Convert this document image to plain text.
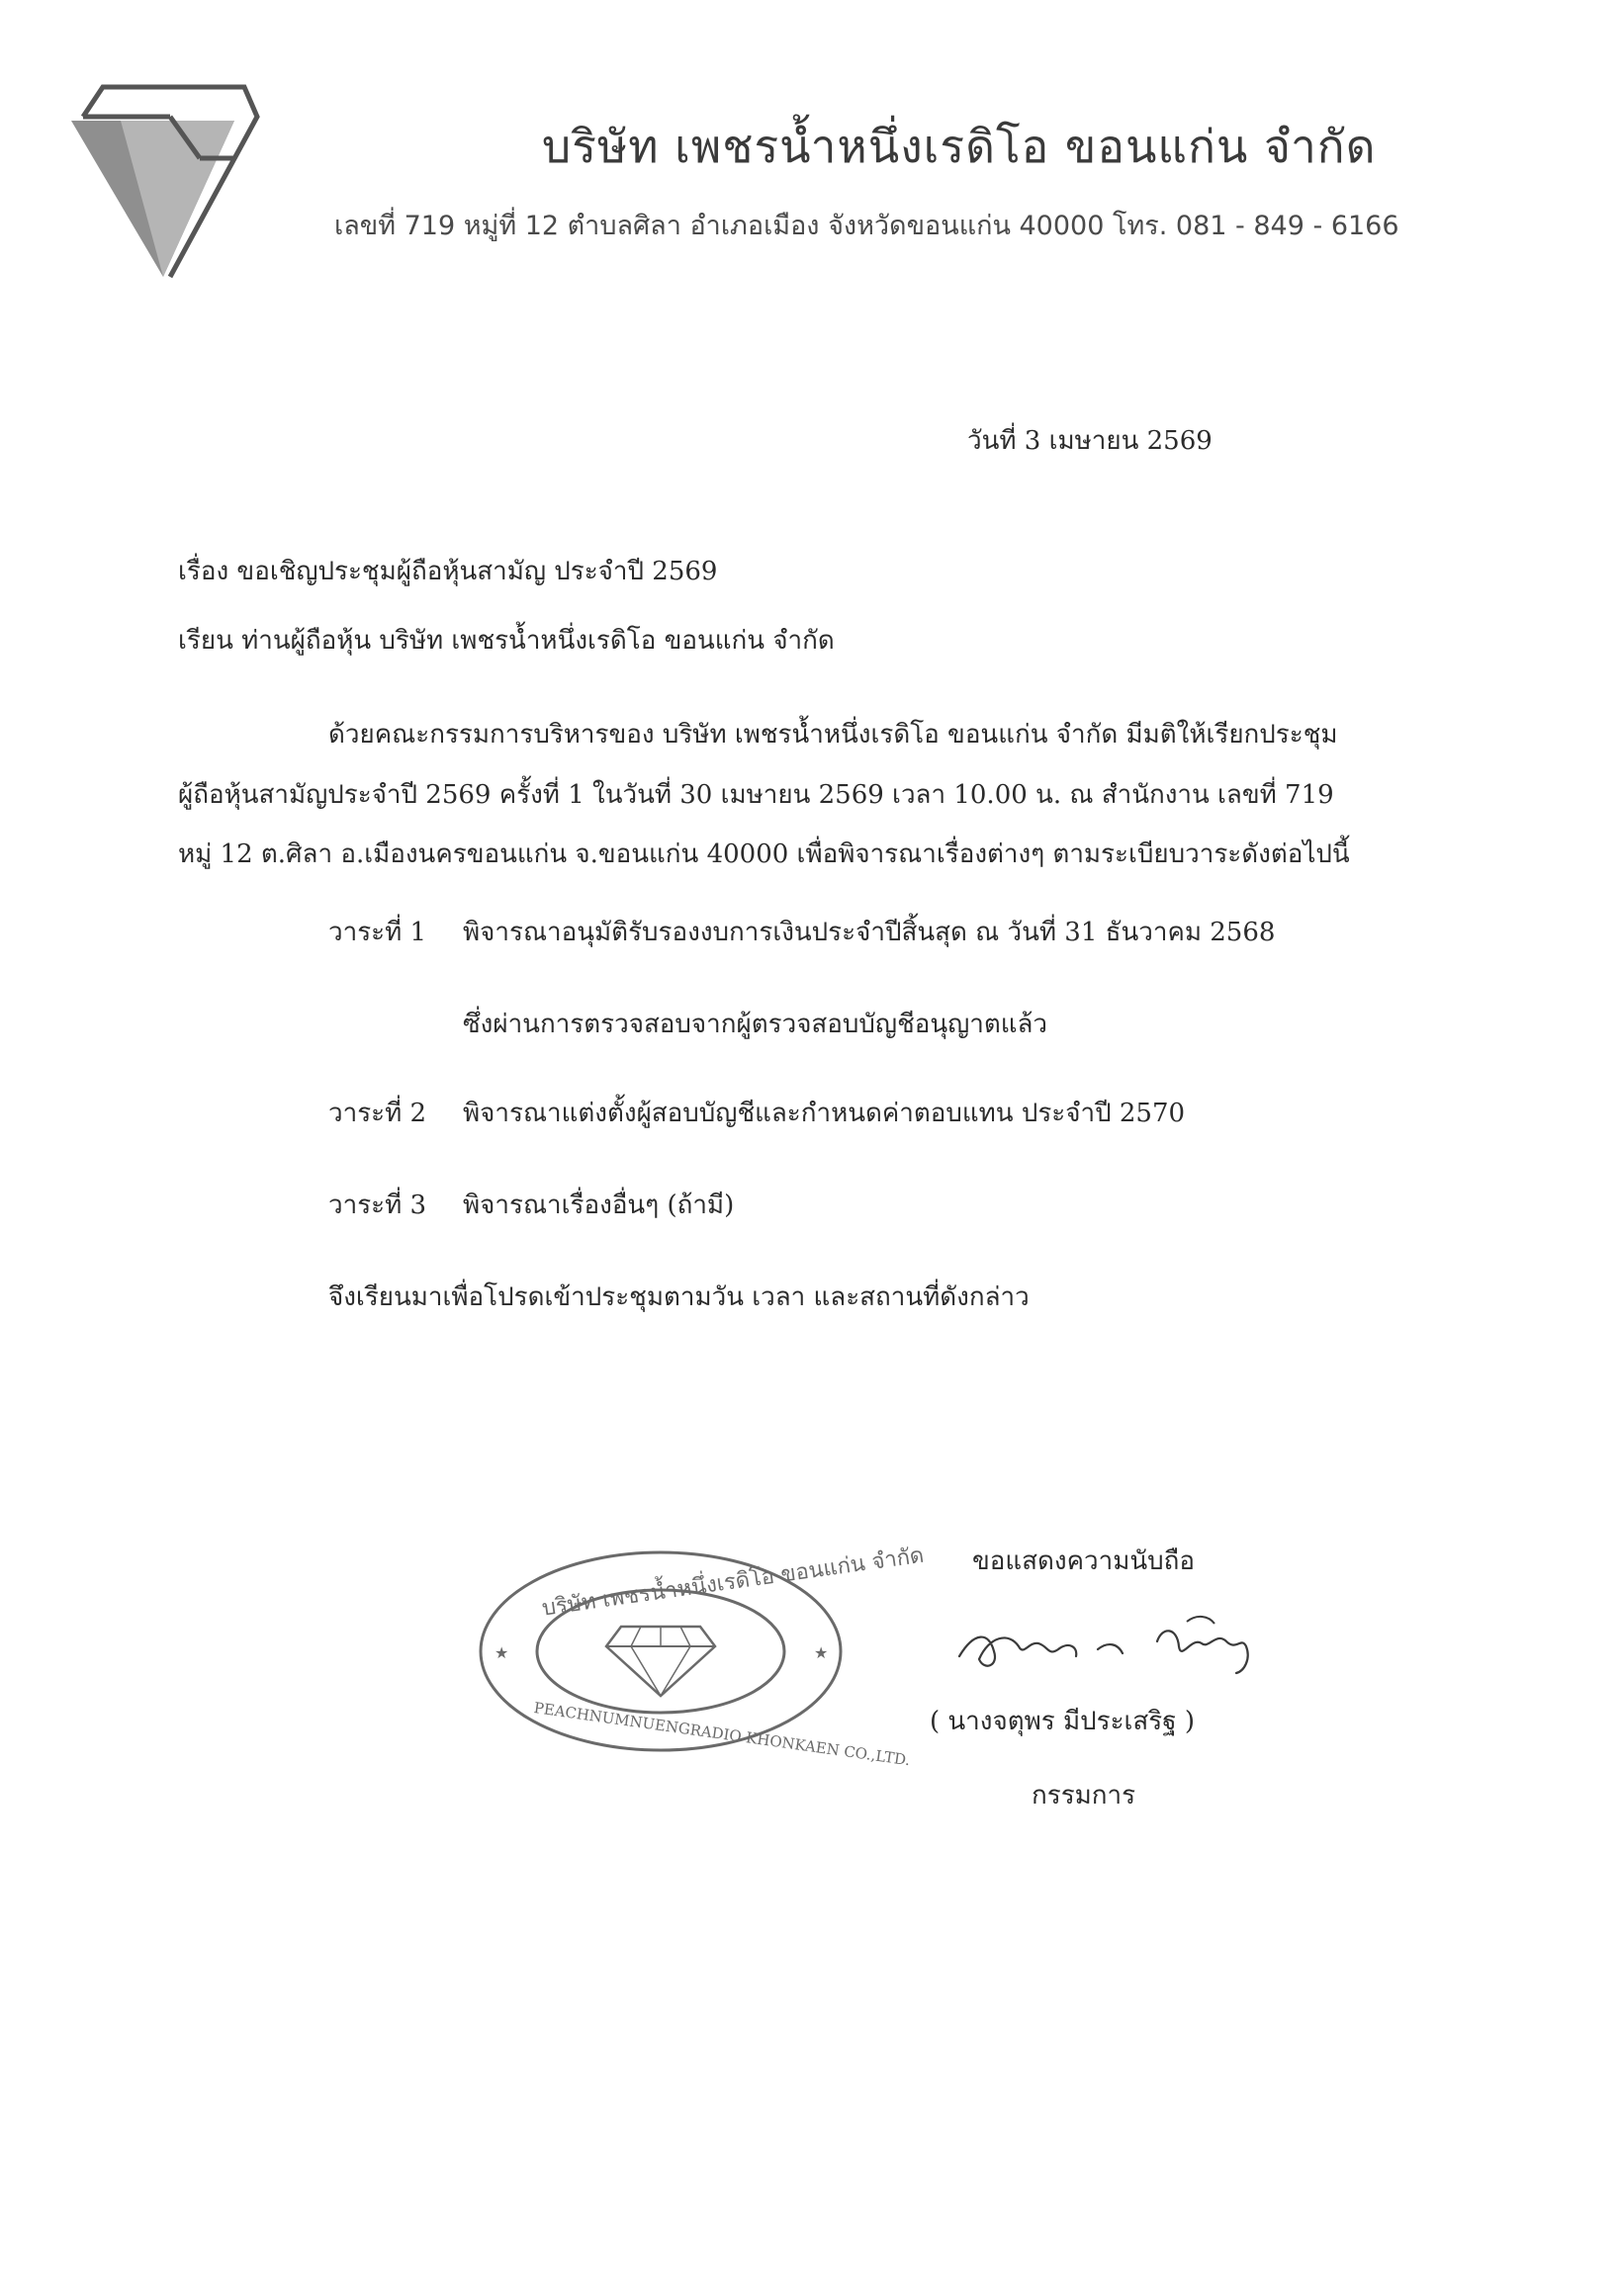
บริษัท เพชรน้ำหนึ่งเรดิโอ ขอนแก่น จำกัด
เลขที่ 719 หมู่ที่ 12 ตำบลศิลา อำเภอเมือง จังหวัดขอนแก่น 40000 โทร. 081 - 849 - 6166
วันที่ 3 เมษายน 2569
เรื่อง ขอเชิญประชุมผู้ถือหุ้นสามัญ ประจำปี 2569
เรียน ท่านผู้ถือหุ้น บริษัท เพชรน้ำหนึ่งเรดิโอ ขอนแก่น จำกัด
ด้วยคณะกรรมการบริหารของ บริษัท เพชรน้ำหนึ่งเรดิโอ ขอนแก่น จำกัด มีมติให้เรียกประชุม
ผู้ถือหุ้นสามัญประจำปี 2569 ครั้งที่ 1 ในวันที่ 30 เมษายน 2569 เวลา 10.00 น. ณ สำนักงาน เลขที่ 719
หมู่ 12 ต.ศิลา อ.เมืองนครขอนแก่น จ.ขอนแก่น 40000 เพื่อพิจารณาเรื่องต่างๆ ตามระเบียบวาระดังต่อไปนี้
วาระที่ 1 พิจารณาอนุมัติรับรองงบการเงินประจำปีสิ้นสุด ณ วันที่ 31 ธันวาคม 2568
ซึ่งผ่านการตรวจสอบจากผู้ตรวจสอบบัญชีอนุญาตแล้ว
วาระที่ 2 พิจารณาแต่งตั้งผู้สอบบัญชีและกำหนดค่าตอบแทน ประจำปี 2570
วาระที่ 3 พิจารณาเรื่องอื่นๆ (ถ้ามี)
จึงเรียนมาเพื่อโปรดเข้าประชุมตามวัน เวลา และสถานที่ดังกล่าว
ขอแสดงความนับถือ
บริษัท เพชรน้ำหนึ่งเรดิโอ ขอนแก่น จำกัด
PEACHNUMNUENGRADIO KHONKAEN CO.,LTD.
★	★
( นางจตุพร มีประเสริฐ )
กรรมการ
